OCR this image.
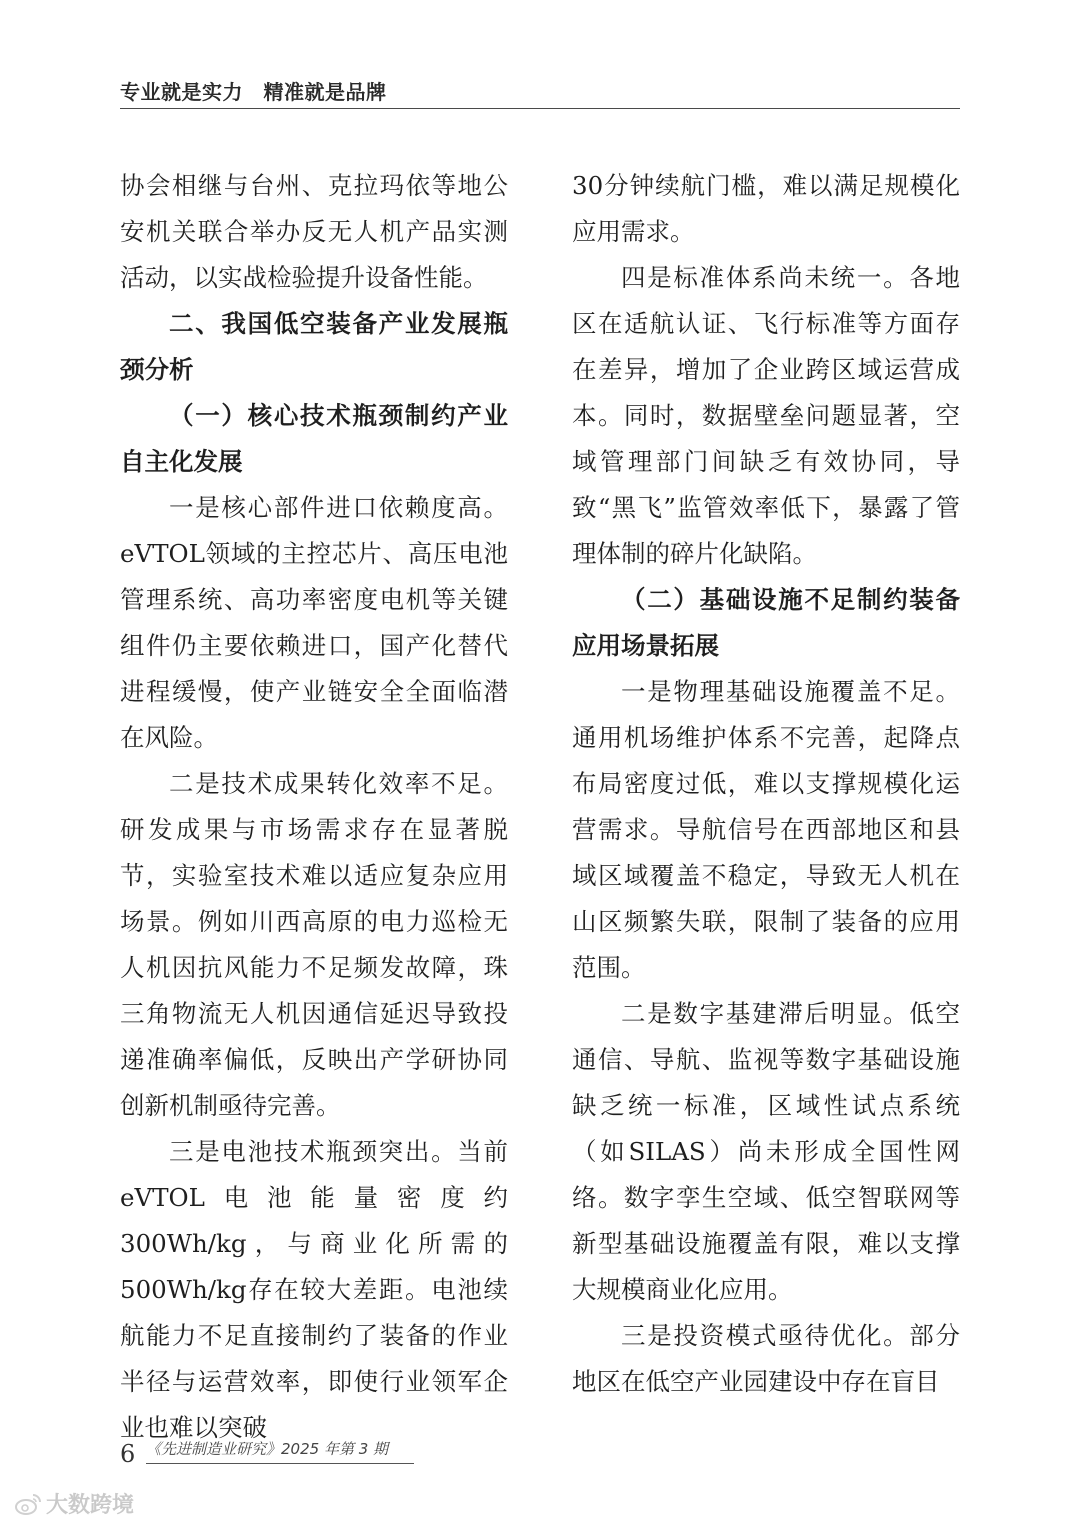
专业就是实力　精准就是品牌

协会相继与台州、克拉玛依等地公安机关联合举办反无人机产品实测活动，以实战检验提升设备性能。

二、我国低空装备产业发展瓶颈分析

（一）核心技术瓶颈制约产业自主化发展

一是核心部件进口依赖度高。eVTOL领域的主控芯片、高压电池管理系统、高功率密度电机等关键组件仍主要依赖进口，国产化替代进程缓慢，使产业链安全全面临潜在风险。

二是技术成果转化效率不足。研发成果与市场需求存在显著脱节，实验室技术难以适应复杂应用场景。例如川西高原的电力巡检无人机因抗风能力不足频发故障，珠三角物流无人机因通信延迟导致投递准确率偏低，反映出产学研协同创新机制亟待完善。

三是电池技术瓶颈突出。当前eVTOL电池能量密度约300Wh/kg，与商业化所需的500Wh/kg存在较大差距。电池续航能力不足直接制约了装备的作业半径与运营效率，即使行业领军企业也难以突破

30分钟续航门槛，难以满足规模化应用需求。

四是标准体系尚未统一。各地区在适航认证、飞行标准等方面存在差异，增加了企业跨区域运营成本。同时，数据壁垒问题显著，空域管理部门间缺乏有效协同，导致“黑飞”监管效率低下，暴露了管理体制的碎片化缺陷。

（二）基础设施不足制约装备应用场景拓展

一是物理基础设施覆盖不足。通用机场维护体系不完善，起降点布局密度过低，难以支撑规模化运营需求。导航信号在西部地区和县域区域覆盖不稳定，导致无人机在山区频繁失联，限制了装备的应用范围。

二是数字基建滞后明显。低空通信、导航、监视等数字基础设施缺乏统一标准，区域性试点系统（如SILAS）尚未形成全国性网络。数字孪生空域、低空智联网等新型基础设施覆盖有限，难以支撑大规模商业化应用。

三是投资模式亟待优化。部分地区在低空产业园建设中存在盲目

6 《先进制造业研究》2025 年第 3 期
大数跨境
